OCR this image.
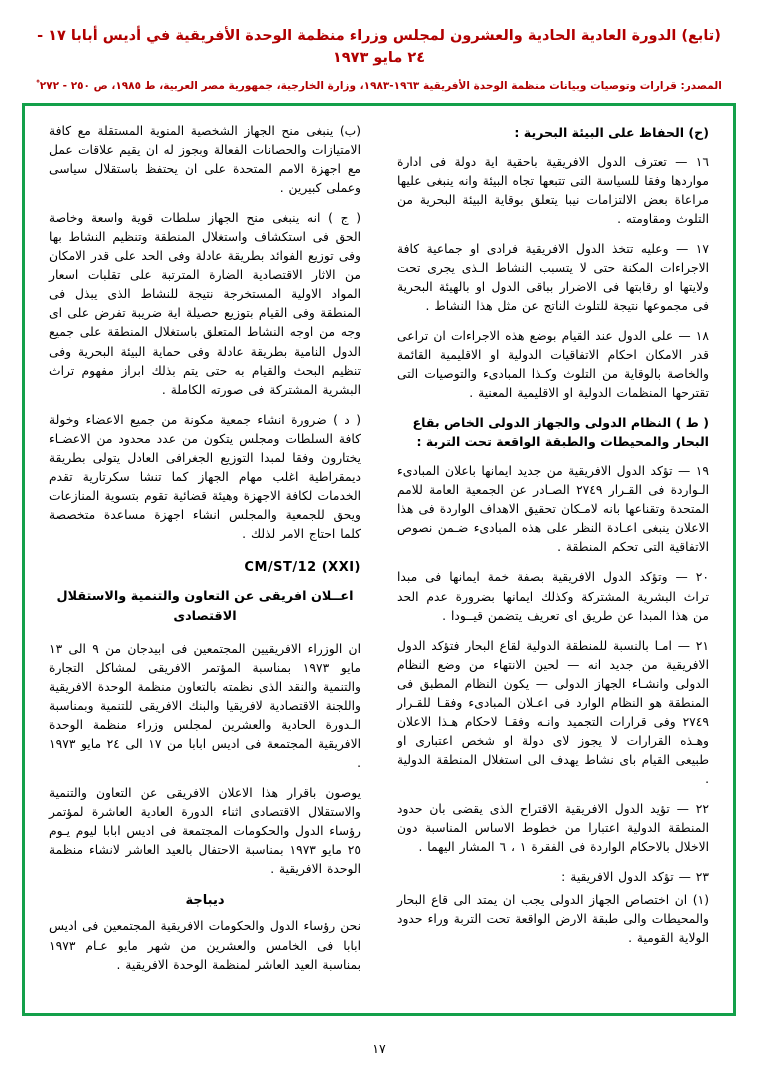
(تابع) الدورة العادية الحادية والعشرون لمجلس وزراء منظمة الوحدة الأفريقية في أديس أبابا ١٧ - ٢٤ مايو ١٩٧٣
المصدر: قرارات وتوصيات وبيانات منظمة الوحدة الأفريقية ١٩٦٣-١٩٨٣، وزارة الخارجية، جمهورية مصر العربية، ط ١٩٨٥، ص ٢٥٠ - ٢٧٢ ْ
(ح) الحفاظ على البيئة البحرية :

١٦ — تعترف الدول الافريقية باحقية اية دولة فى ادارة مواردها وفقا للسياسة التى تتبعها تجاه البيئة وانه ينبغى عليها مراعاة بعض الالتزامات نيبا يتعلق بوقاية البيئة البحرية من التلوث ومقاومته .

١٧ — وعليه تتخذ الدول الافريقية فرادى او جماعية كافة الاجراءات المكنة حتى لا يتسبب النشاط الـذى يجرى تحت ولايتها او رقابتها فى الاضرار بباقى الدول او بالهيئة البحرية فى مجموعها نتيجة للتلوث الناتج عن مثل هذا النشاط .

١٨ — على الدول عند القيام بوضع هذه الاجراءات ان تراعى قدر الامكان احكام الاتفاقيات الدولية او الاقليمية القائمة والخاصة بالوقاية من التلوث وكـذا المبادىء والتوصيات التى تقترحها المنظمات الدولية او الاقليمية المعنية .

( ط ) النظام الدولى والجهاز الدولى الخاص بقاع البحار والمحيطات والطبقة الواقعة تحت التربة :

١٩ — تؤكد الدول الافريقية من جديد ايمانها باعلان المبادىء الـواردة فى القـرار ٢٧٤٩ الصـادر عن الجمعية العامة للامم المتحدة وتقناعها بانه لامـكان تحقيق الاهداف الواردة فى هذا الاعلان ينبغى اعـادة النظر على هذه المبادىء ضـمن نصوص الاتفاقية التى تحكم المنطقة .

٢٠ — وتؤكد الدول الافريقية بصفة خمة ايمانها فى مبدا تراث البشرية المشتركة وكذلك ايمانها بضرورة عدم الحد من هذا المبدا عن طريق اى تعريف يتضمن قيــودا .

٢١ — امـا بالنسبة للمنطقة الدولية لقاع البحار فتؤكد الدول الافريقية من جديد انه — لحين الانتهاء من وضع النظام الدولى وانشـاء الجهاز الدولى — يكون النظام المطبق فى المنطقة هو النظام الوارد فى اعـلان المبادىء وفقـا للقـرار ٢٧٤٩ وفى قرارات التجميد وانـه وفقـا لاحكام هـذا الاعلان وهـذه القرارات لا يجوز لاى دولة او شخص اعتبارى او طبيعى القيام باى نشاط يهدف الى استغلال المنطقة الدولية .

٢٢ — تؤيد الدول الافريقية الاقتراح الذى يقضى بان حدود المنطقة الدولية اعتبارا من خطوط الاساس المناسبة دون الاخلال بالاحكام الواردة فى الفقرة ١ ، ٦ المشار اليهما .

٢٣ — تؤكد الدول الافريقية :

(١) ان اختصاص الجهاز الدولى يجب ان يمتد الى قاع البحار والمحيطات والى طبقة الارض الواقعة تحت التربة وراء حدود الولاية القومية .

(ب) ينبغى منح الجهاز الشخصية المنوية المستقلة مع كافة الامتيازات والحصانات الفعالة وبجوز له ان يقيم علاقات عمل مع اجهزة الامم المتحدة على ان يحتفظ باستقلال سياسى وعملى كبيرين .

( ج ) انه ينبغى منح الجهاز سلطات قوية واسعة وخاصة الحق فى استكشاف واستغلال المنطقة وتنظيم النشاط بها وفى توزيع الفوائد بطريقة عادلة وفى الحد على قدر الامكان من الاثار الاقتصادية الضارة المترتبة على تقلبات اسعار المواد الاولية المستخرجة نتيجة للنشاط الذى يبذل فى المنطقة وفى القيام بتوزيع حصيلة اية ضريبة تفرض على اى وجه من اوجه النشاط المتعلق باستغلال المنطقة على جميع الدول النامية بطريقة عادلة وفى حماية البيئة البحرية وفى تنظيم البحث والقيام به حتى يتم بذلك ابراز مفهوم تراث البشرية المشتركة فى صورته الكاملة .

( د ) ضرورة انشاء جمعية مكونة من جميع الاعضاء وخولة كافة السلطات ومجلس يتكون من عدد محدود من الاعضـاء يختارون وفقا لمبدا التوزيع الجغرافى العادل يتولى بطريقة ديمقراطية اغلب مهام الجهاز كما تنشا سكرتارية تقدم الخدمات لكافة الاجهزة وهيئة قضائية تقوم بتسوية المنازعات ويحق للجمعية والمجلس انشاء اجهزة مساعدة متخصصة كلما احتاج الامر لذلك .

CM/ST/12 (XXI)
اعــلان افريقى عن التعاون والتنمية والاستقلال الاقتصادى

ان الوزراء الافريقيين المجتمعين فى ابيدجان من ٩ الى ١٣ مايو ١٩٧٣ بمناسبة المؤتمر الافريقى لمشاكل التجارة والتنمية والنقد الذى نظمته بالتعاون منظمة الوحدة الافريقية واللجنة الاقتصادية لافريقيا والبنك الافريقى للتنمية وبمناسبة الـدورة الحادية والعشرين لمجلس وزراء منظمة الوحدة الافريقية المجتمعة فى اديس ابابا من ١٧ الى ٢٤ مايو ١٩٧٣ .

يوصون باقرار هذا الاعلان الافريقى عن التعاون والتنمية والاستقلال الاقتصادى اثناء الدورة العادية العاشرة لمؤتمر رؤساء الدول والحكومات المجتمعة فى اديس ابابا ليوم يـوم ٢٥ مايو ١٩٧٣ بمناسبة الاحتفال بالعيد العاشر لانشاء منظمة الوحدة الافريقية .

ديباجة

نحن رؤساء الدول والحكومات الافريقية المجتمعين فى اديس ابابا فى الخامس والعشرين من شهر مايو عـام ١٩٧٣ بمناسبة العيد العاشر لمنظمة الوحدة الافريقية .

١٧
